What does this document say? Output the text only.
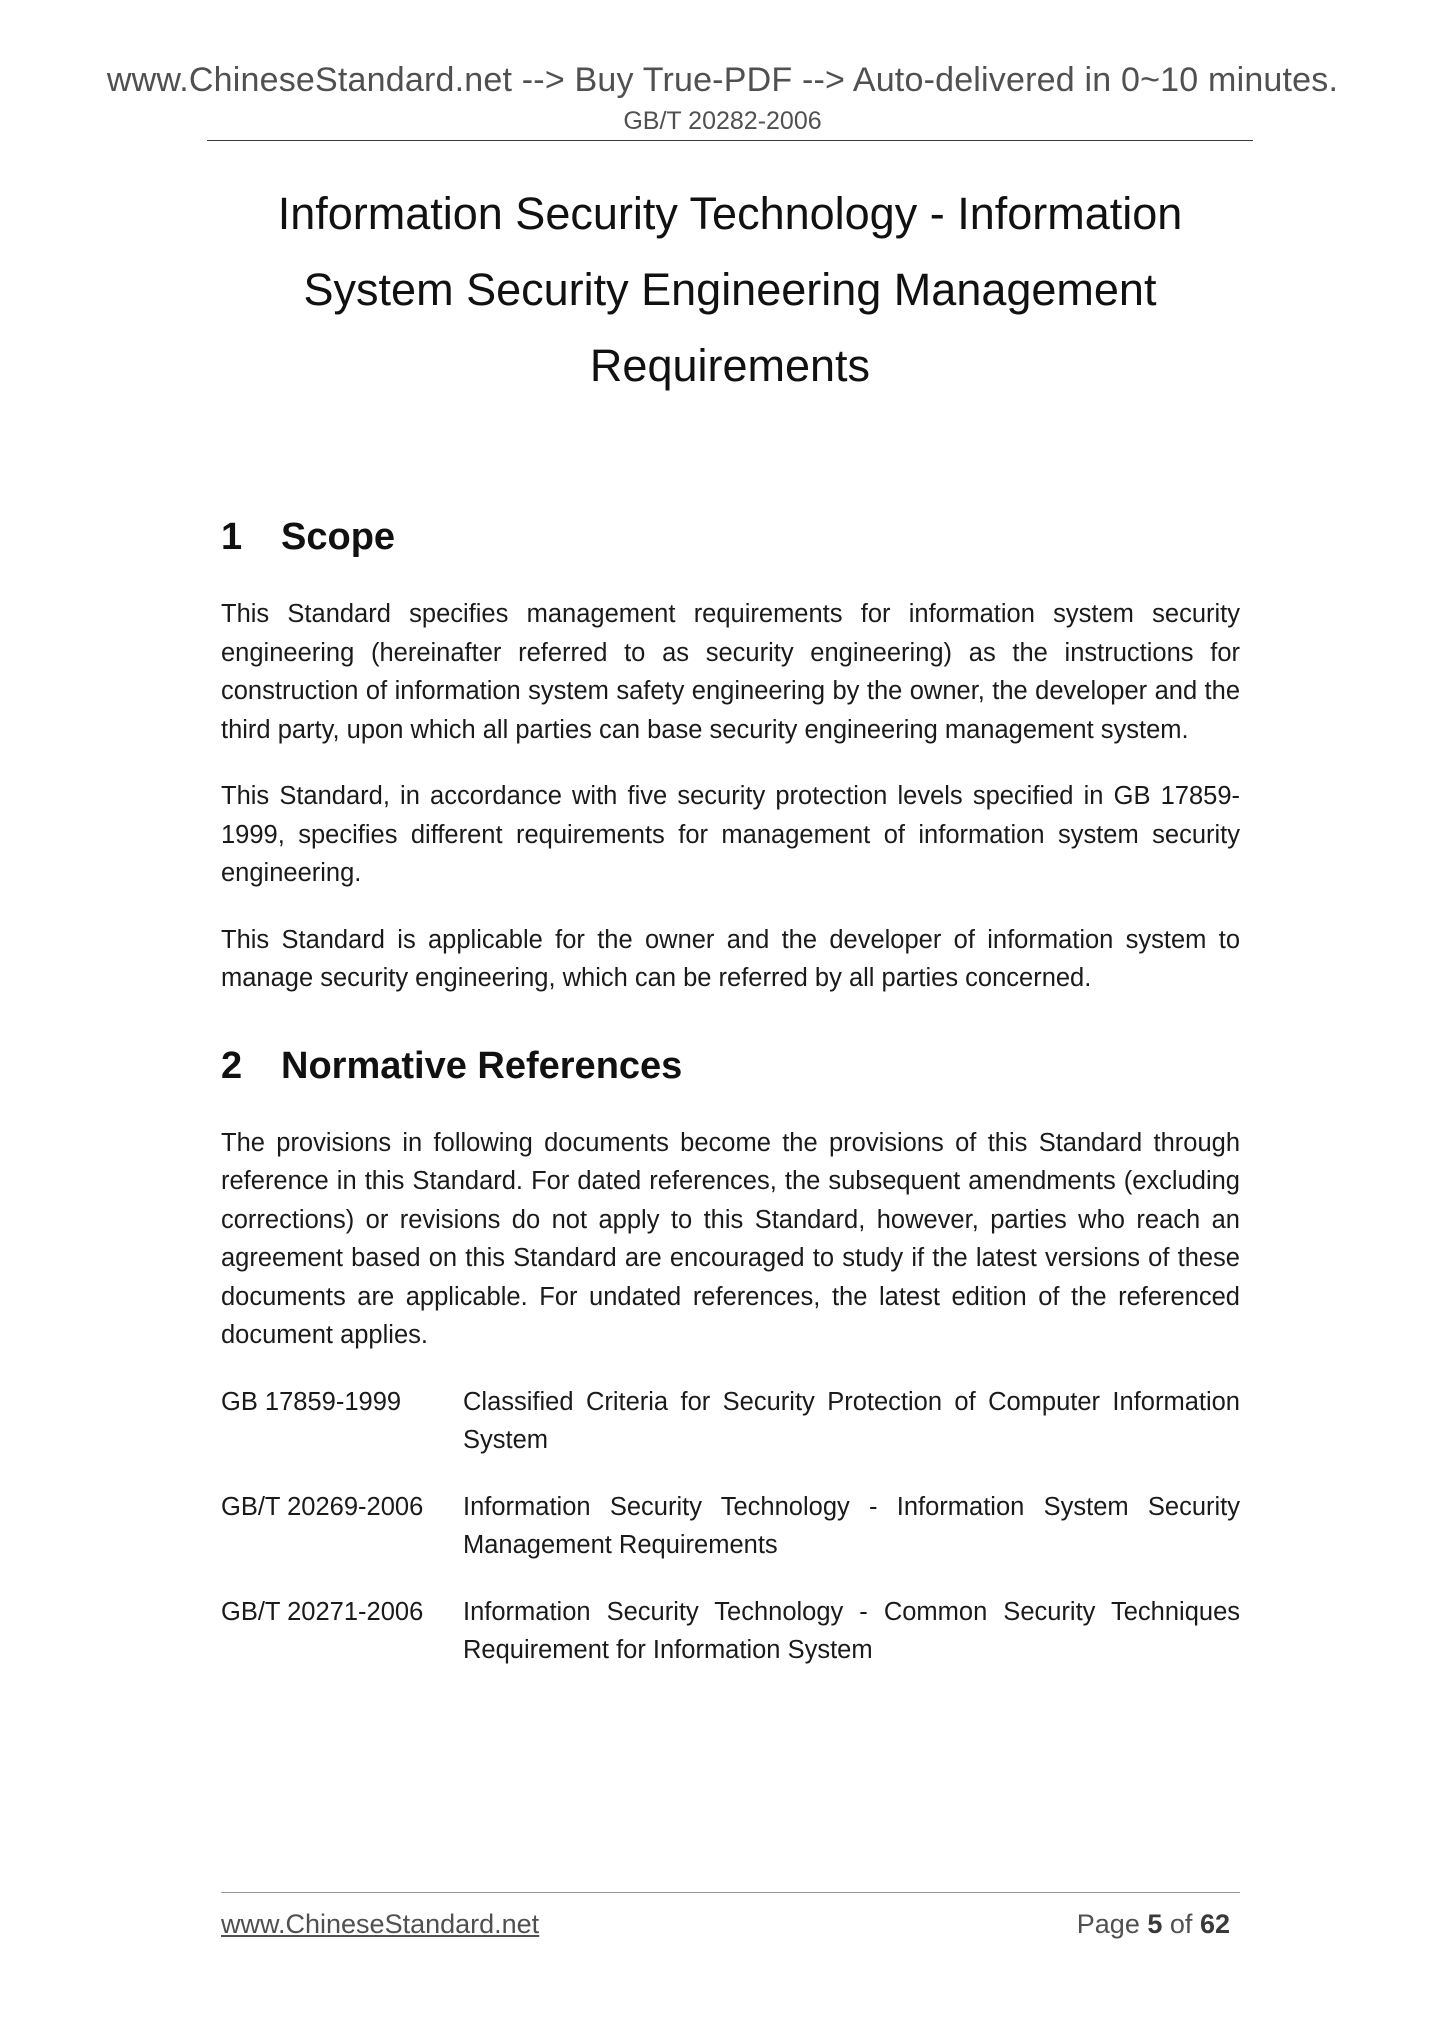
www.ChineseStandard.net --> Buy True-PDF --> Auto-delivered in 0~10 minutes.
GB/T 20282-2006
Information Security Technology - Information
System Security Engineering Management
Requirements
1	Scope

This Standard specifies management requirements for information system security engineering (hereinafter referred to as security engineering) as the instructions for construction of information system safety engineering by the owner, the developer and the third party, upon which all parties can base security engineering management system.

This Standard, in accordance with five security protection levels specified in GB 17859-1999, specifies different requirements for management of information system security engineering.

This Standard is applicable for the owner and the developer of information system to manage security engineering, which can be referred by all parties concerned.

2	Normative References

The provisions in following documents become the provisions of this Standard through reference in this Standard. For dated references, the subsequent amendments (excluding corrections) or revisions do not apply to this Standard, however, parties who reach an agreement based on this Standard are encouraged to study if the latest versions of these documents are applicable. For undated references, the latest edition of the referenced document applies.

GB 17859-1999	Classified Criteria for Security Protection of Computer Information System
GB/T 20269-2006	Information Security Technology - Information System Security Management Requirements
GB/T 20271-2006	Information Security Technology - Common Security Techniques Requirement for Information System
www.ChineseStandard.net	Page 5 of 62
